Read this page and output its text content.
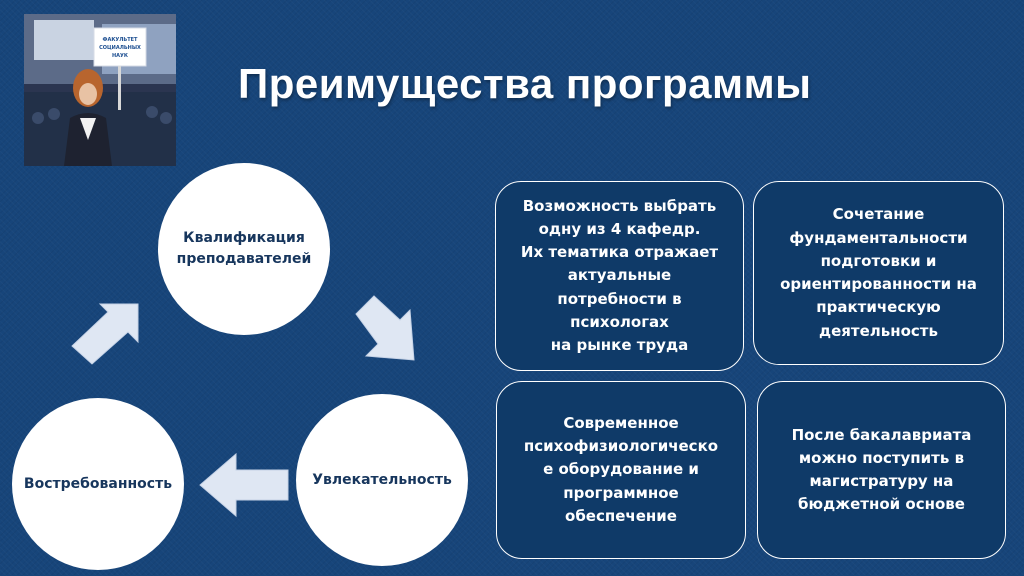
ФАКУЛЬТЕТ
СОЦИАЛЬНЫХ
НАУК
Преимущества программы
Квалификация
преподавателей
Востребованность	Увлекательность
Возможность выбрать
одну из 4 кафедр.
Их тематика отражает
актуальные
потребности в
психологах
на рынке труда
Сочетание
фундаментальности
подготовки и
ориентированности на
практическую
деятельность
Современное
психофизиологическо
е оборудование и
программное
обеспечение
После бакалавриата
можно поступить в
магистратуру на
бюджетной основе
